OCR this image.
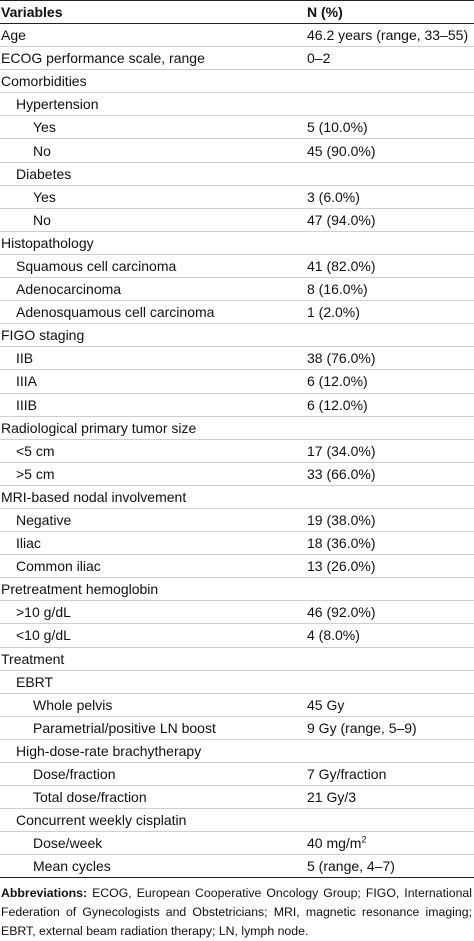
Variables	N (%)
Age	46.2 years (range, 33–55)
ECOG performance scale, range	0–2
Comorbidities
Hypertension
Yes	5 (10.0%)
No	45 (90.0%)
Diabetes
Yes	3 (6.0%)
No	47 (94.0%)
Histopathology
Squamous cell carcinoma	41 (82.0%)
Adenocarcinoma	8 (16.0%)
Adenosquamous cell carcinoma	1 (2.0%)
FIGO staging
IIB	38 (76.0%)
IIIA	6 (12.0%)
IIIB	6 (12.0%)
Radiological primary tumor size
<5 cm	17 (34.0%)
>5 cm	33 (66.0%)
MRI-based nodal involvement
Negative	19 (38.0%)
Iliac	18 (36.0%)
Common iliac	13 (26.0%)
Pretreatment hemoglobin
>10 g/dL	46 (92.0%)
<10 g/dL	4 (8.0%)
Treatment
EBRT
Whole pelvis	45 Gy
Parametrial/positive LN boost	9 Gy (range, 5–9)
High-dose-rate brachytherapy
Dose/fraction	7 Gy/fraction
Total dose/fraction	21 Gy/3
Concurrent weekly cisplatin
Dose/week	40 $mg/m^2$
Mean cycles	5 (range, 4–7)
Abbreviations: ECOG, European Cooperative Oncology Group; FIGO, International Federation of Gynecologists and Obstetricians; MRI, magnetic resonance imaging; EBRT, external beam radiation therapy; LN, lymph node.
